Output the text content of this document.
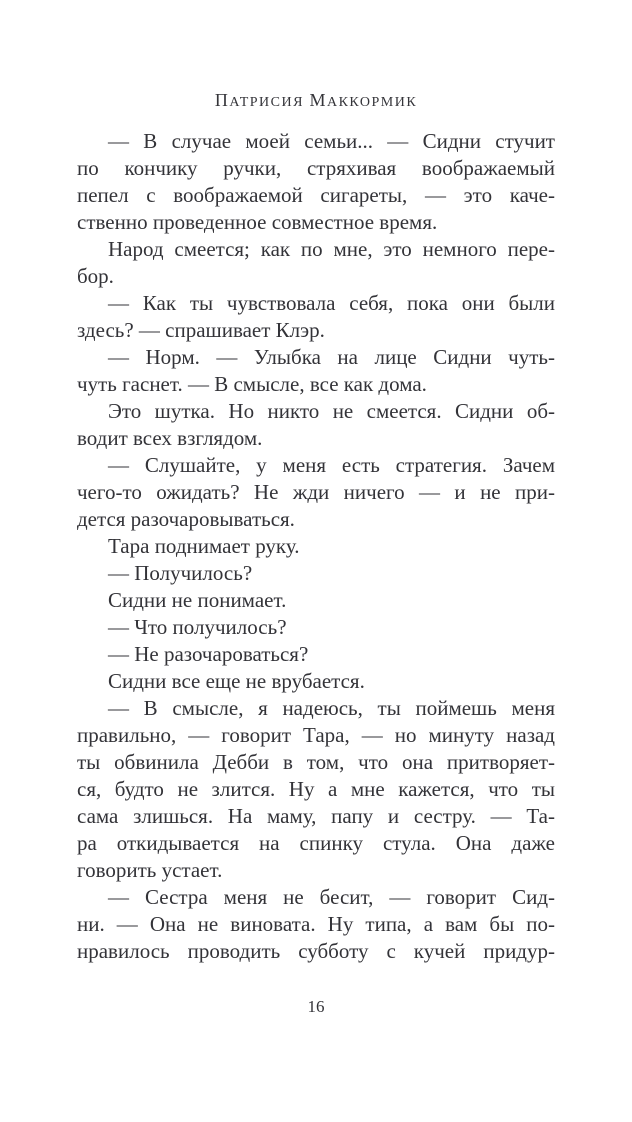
ПАТРИСИЯ МАККОРМИК
— В случае моей семьи... — Сидни стучит
по кончику ручки, стряхивая воображаемый
пепел с воображаемой сигареты, — это каче-
ственно проведенное совместное время.
Народ смеется; как по мне, это немного пере-
бор.
— Как ты чувствовала себя, пока они были
здесь? — спрашивает Клэр.
— Норм. — Улыбка на лице Сидни чуть-
чуть гаснет. — В смысле, все как дома.
Это шутка. Но никто не смеется. Сидни об-
водит всех взглядом.
— Слушайте, у меня есть стратегия. Зачем
чего-то ожидать? Не жди ничего — и не при-
дется разочаровываться.
Тара поднимает руку.
— Получилось?
Сидни не понимает.
— Что получилось?
— Не разочароваться?
Сидни все еще не врубается.
— В смысле, я надеюсь, ты поймешь меня
правильно, — говорит Тара, — но минуту назад
ты обвинила Дебби в том, что она притворяет-
ся, будто не злится. Ну а мне кажется, что ты
сама злишься. На маму, папу и сестру. — Та-
ра откидывается на спинку стула. Она даже
говорить устает.
— Сестра меня не бесит, — говорит Сид-
ни. — Она не виновата. Ну типа, а вам бы по-
нравилось проводить субботу с кучей придур-
16
